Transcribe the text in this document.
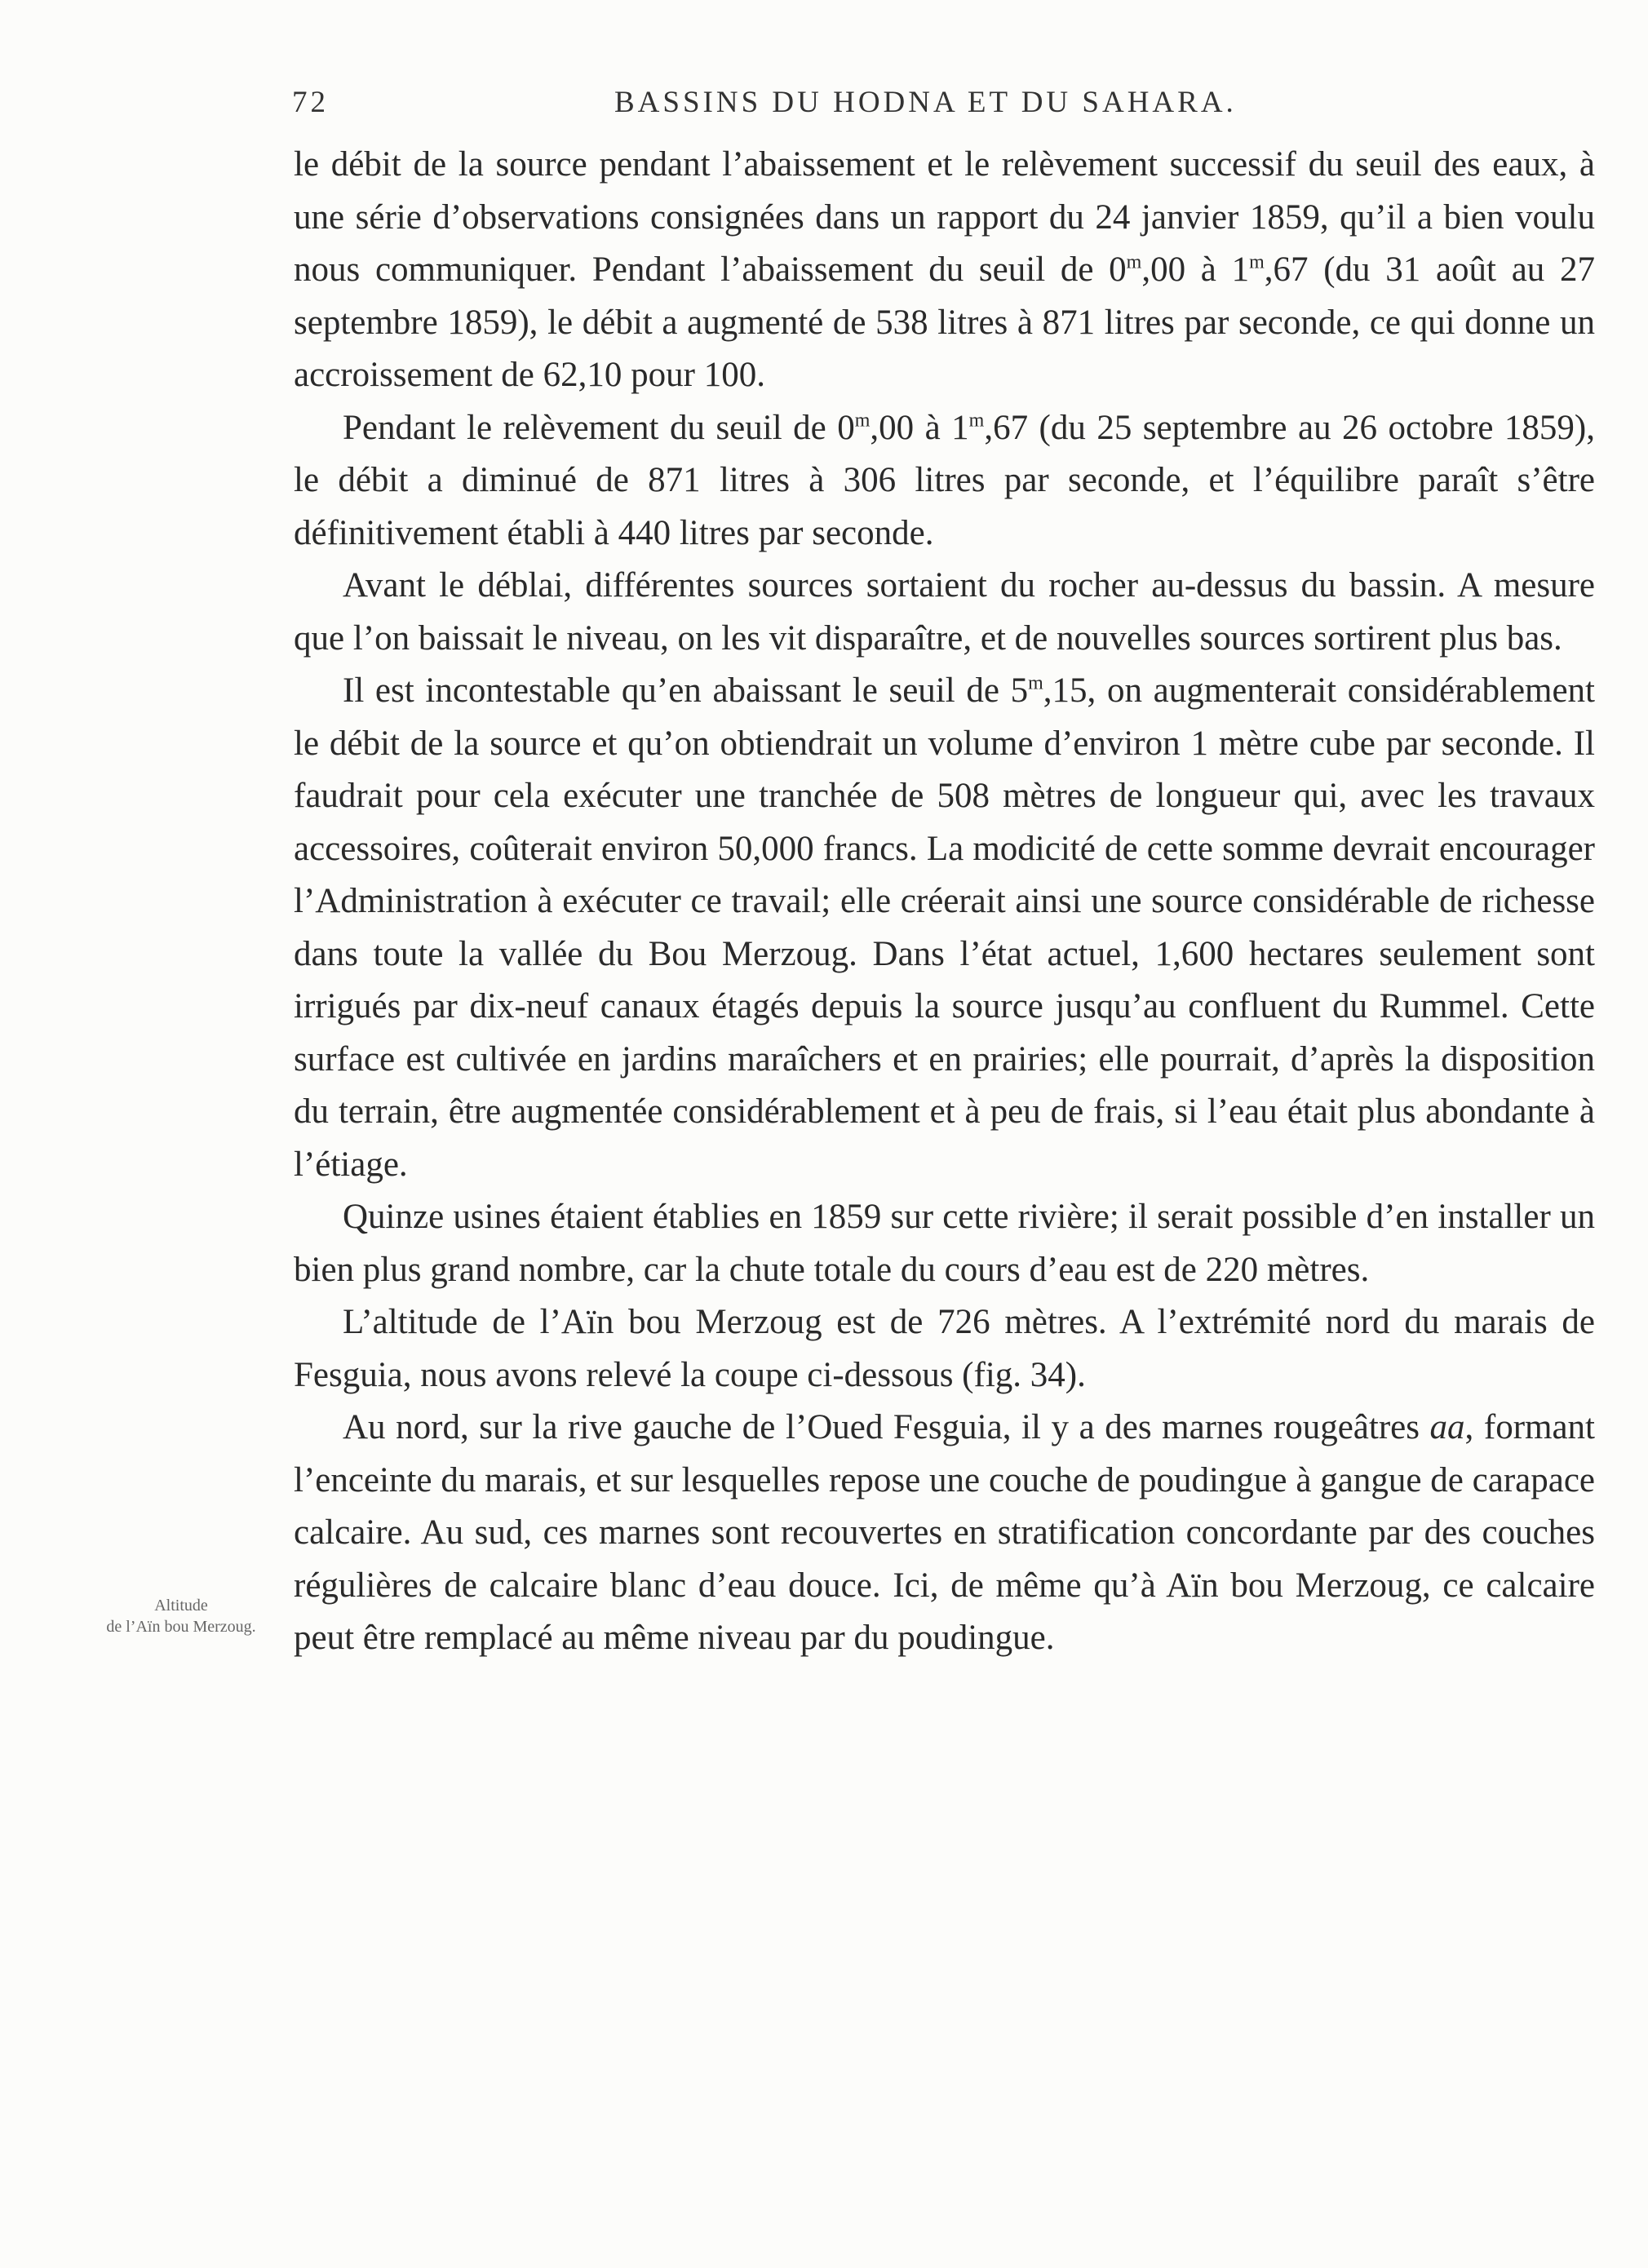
72	BASSINS DU HODNA ET DU SAHARA.
Altitude
de l’Aïn bou Merzoug.

le débit de la source pendant l’abaissement et le relèvement successif du seuil des eaux, à une série d’observations consignées dans un rapport du 24 janvier 1859, qu’il a bien voulu nous communiquer. Pendant l’abaissement du seuil de 0$^m$,00 à 1$^m$,67 (du 31 août au 27 septembre 1859), le débit a augmenté de 538 litres à 871 litres par seconde, ce qui donne un accroissement de 62,10 pour 100.

Pendant le relèvement du seuil de 0$^m$,00 à 1$^m$,67 (du 25 septembre au 26 octobre 1859), le débit a diminué de 871 litres à 306 litres par seconde, et l’équilibre paraît s’être définitivement établi à 440 litres par seconde.

Avant le déblai, différentes sources sortaient du rocher au-dessus du bassin. A mesure que l’on baissait le niveau, on les vit disparaître, et de nouvelles sources sortirent plus bas.

Il est incontestable qu’en abaissant le seuil de 5$^m$,15, on augmenterait considérablement le débit de la source et qu’on obtiendrait un volume d’environ 1 mètre cube par seconde. Il faudrait pour cela exécuter une tranchée de 508 mètres de longueur qui, avec les travaux accessoires, coûterait environ 50,000 francs. La modicité de cette somme devrait encourager l’Administration à exécuter ce travail; elle créerait ainsi une source considérable de richesse dans toute la vallée du Bou Merzoug. Dans l’état actuel, 1,600 hectares seulement sont irrigués par dix-neuf canaux étagés depuis la source jusqu’au confluent du Rummel. Cette surface est cultivée en jardins maraîchers et en prairies; elle pourrait, d’après la disposition du terrain, être augmentée considérablement et à peu de frais, si l’eau était plus abondante à l’étiage.

Quinze usines étaient établies en 1859 sur cette rivière; il serait possible d’en installer un bien plus grand nombre, car la chute totale du cours d’eau est de 220 mètres.

L’altitude de l’Aïn bou Merzoug est de 726 mètres. A l’extrémité nord du marais de Fesguia, nous avons relevé la coupe ci-dessous (fig. 34).

Au nord, sur la rive gauche de l’Oued Fesguia, il y a des marnes rougeâtres aa, formant l’enceinte du marais, et sur lesquelles repose une couche de poudingue à gangue de carapace calcaire. Au sud, ces marnes sont recouvertes en stratification concordante par des couches régulières de calcaire blanc d’eau douce. Ici, de même qu’à Aïn bou Merzoug, ce calcaire peut être remplacé au même niveau par du poudingue.
